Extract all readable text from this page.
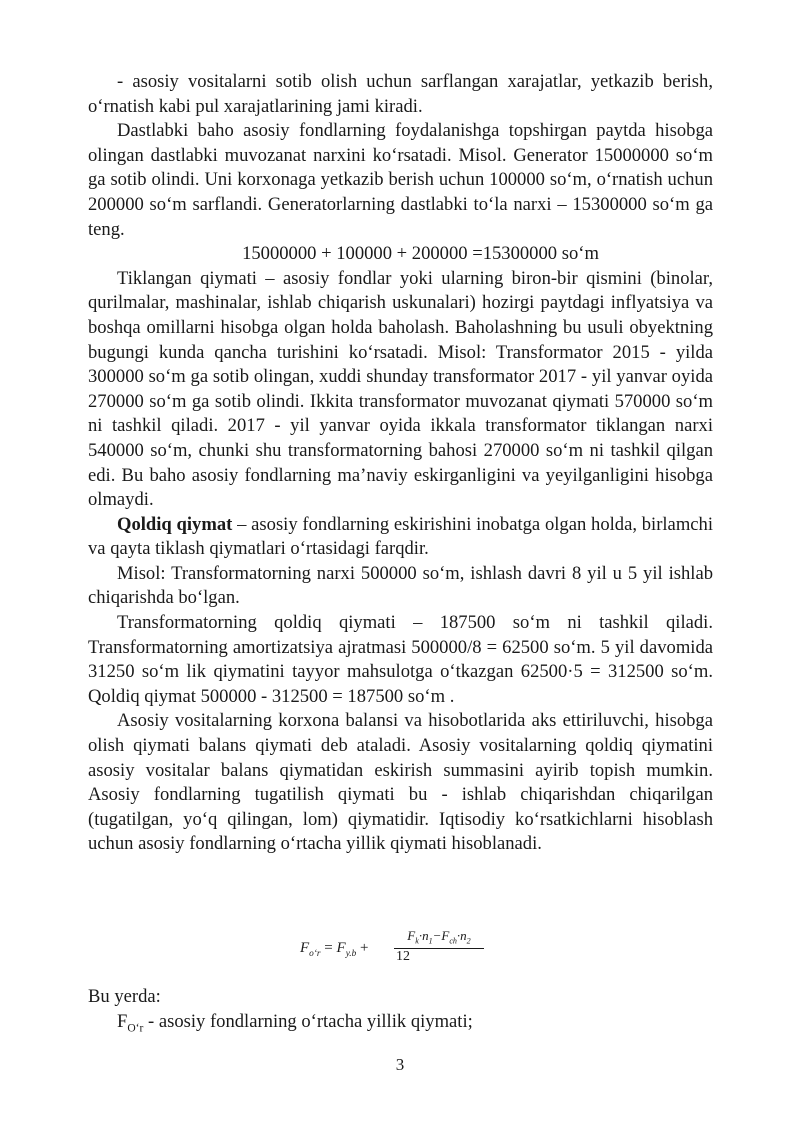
‐ asosiy vositalarni sotib olish uchun sarflangan xarajatlar, yetkazib berish, o‘rnatish kabi pul xarajatlarining jami kiradi.

Dastlabki baho asosiy fondlarning foydalanishga topshirgan paytda hisobga olingan dastlabki muvozanat narxini ko‘rsatadi. Misol. Generator 15000000 so‘m ga sotib olindi. Uni korxonaga yetkazib berish uchun 100000 so‘m, o‘rnatish uchun 200000 so‘m sarflandi. Generatorlarning dastlabki to‘la narxi – 15300000 so‘m ga teng.

15000000 + 100000 + 200000 =15300000 so‘m

Tiklangan qiymati – asosiy fondlar yoki ularning biron-bir qismini (binolar, qurilmalar, mashinalar, ishlab chiqarish uskunalari) hozirgi paytdagi inflyatsiya va boshqa omillarni hisobga olgan holda baholash. Baholashning bu usuli obyektning bugungi kunda qancha turishini ko‘rsatadi. Misol: Transformator 2015 - yilda 300000 so‘m ga sotib olingan, xuddi shunday transformator 2017 - yil yanvar oyida 270000 so‘m ga sotib olindi. Ikkita transformator muvozanat qiymati 570000 so‘m ni tashkil qiladi. 2017 - yil yanvar oyida ikkala transformator tiklangan narxi 540000 so‘m, chunki shu transformatorning bahosi 270000 so‘m ni tashkil qilgan edi. Bu baho asosiy fondlarning ma’naviy eskirganligini va yeyilganligini hisobga olmaydi.

Qoldiq qiymat – asosiy fondlarning eskirishini inobatga olgan holda, birlamchi va qayta tiklash qiymatlari o‘rtasidagi farqdir.

Misol: Transformatorning narxi 500000 so‘m, ishlash davri 8 yil u 5 yil ishlab chiqarishda bo‘lgan.

Transformatorning qoldiq qiymati – 187500 so‘m ni tashkil qiladi. Transformatorning amortizatsiya ajratmasi 500000/8 = 62500 so‘m. 5 yil davomida 31250 so‘m lik qiymatini tayyor mahsulotga o‘tkazgan 62500·5 = 312500 so‘m. Qoldiq qiymat 500000 ‐ 312500 = 187500 so‘m .

Asosiy vositalarning korxona balansi va hisobotlarida aks ettiriluvchi, hisobga olish qiymati balans qiymati deb ataladi. Asosiy vositalarning qoldiq qiymatini asosiy vositalar balans qiymatidan eskirish summasini ayirib topish mumkin. Asosiy fondlarning tugatilish qiymati bu ‐ ishlab chiqarishdan chiqarilgan (tugatilgan, yo‘q qilingan, lom) qiymatidir. Iqtisodiy ko‘rsatkichlarni hisoblash uchun asosiy fondlarning o‘rtacha yillik qiymati hisoblanadi.

$F_{o‘r} = F_{y.b}$ +
$F_k\cdot n_1-F_{ch}\cdot n_2$
12

Bu yerda:

$F_{O‘r}$ ‐ asosiy fondlarning o‘rtacha yillik qiymati;

3
